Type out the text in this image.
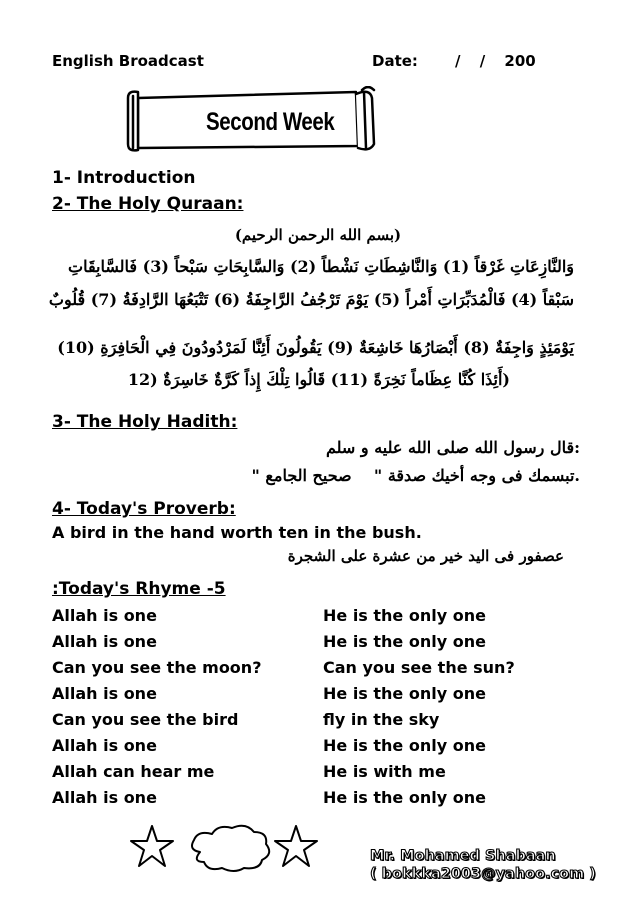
English Broadcast	Date: / / 200
Second Week
1- Introduction
2- The Holy Quraan:
(بسم الله الرحمن الرحيم)
وَالنَّازِعَاتِ غَرْقاً (1) وَالنَّاشِطَاتِ نَشْطاً (2) وَالسَّابِحَاتِ سَبْحاً (3) فَالسَّابِقَاتِ
سَبْقاً (4) فَالْمُدَبِّرَاتِ أَمْراً (5) يَوْمَ تَرْجُفُ الرَّاجِفَةُ (6) تَتْبَعُهَا الرَّادِفَةُ (7) قُلُوبٌ
يَوْمَئِذٍ وَاجِفَةٌ (8) أَبْصَارُهَا خَاشِعَةٌ (9) يَقُولُونَ أَئِنَّا لَمَرْدُودُونَ فِي الْحَافِرَةِ (10)
(أَئِذَا كُنَّا عِظَاماً نَخِرَةً (11) قَالُوا تِلْكَ إِذاً كَرَّةٌ خَاسِرَةٌ (12
3- The Holy Hadith:
:قال رسول الله صلى الله عليه و سلم
.تبسمك فى وجه أخيك صدقة "    صحيح الجامع "
4- Today's Proverb:
A bird in the hand worth ten in the bush.
عصفور فى اليد خير من عشرة على الشجرة
:Today's Rhyme -5
Allah is one	He is the only one
Allah is one	He is the only one
Can you see the moon?	Can you see the sun?
Allah is one	He is the only one
Can you see the bird	fly in the sky
Allah is one	He is the only one
Allah can hear me	He is with me
Allah is one	He is the only one
Mr. Mohamed Shabaan
( bokkka2003@yahoo.com )
